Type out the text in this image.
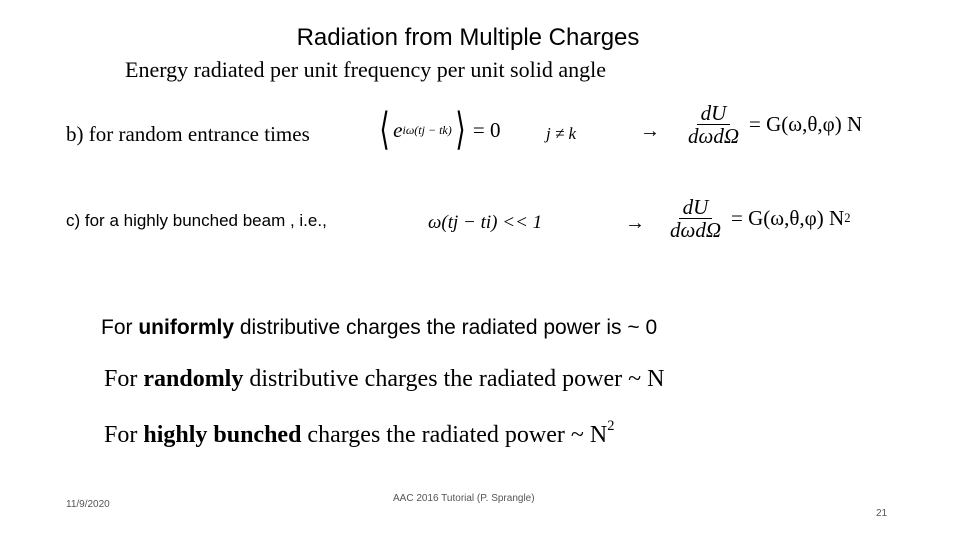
Radiation from Multiple Charges
Energy radiated per unit frequency per unit solid angle
b) for random entrance times ⟨ e iω(tj − tk) ⟩ = 0	j ≠ k	→ $\frac{dU}{\text{dωdΩ}} = G(\omega,\theta,\varphi)$ N
c) for a highly bunched beam , i.e.,	ω(tj − ti) << 1	→ $\frac{dU}{\text{dωdΩ}} = G(\omega,\theta,\varphi)$ N 2
For uniformly distributive charges the radiated power is ~ 0
For randomly distributive charges the radiated power ~ N
For highly bunched charges the radiated power ~ $N^2$
11/9/2020
AAC 2016 Tutorial (P. Sprangle)
21
